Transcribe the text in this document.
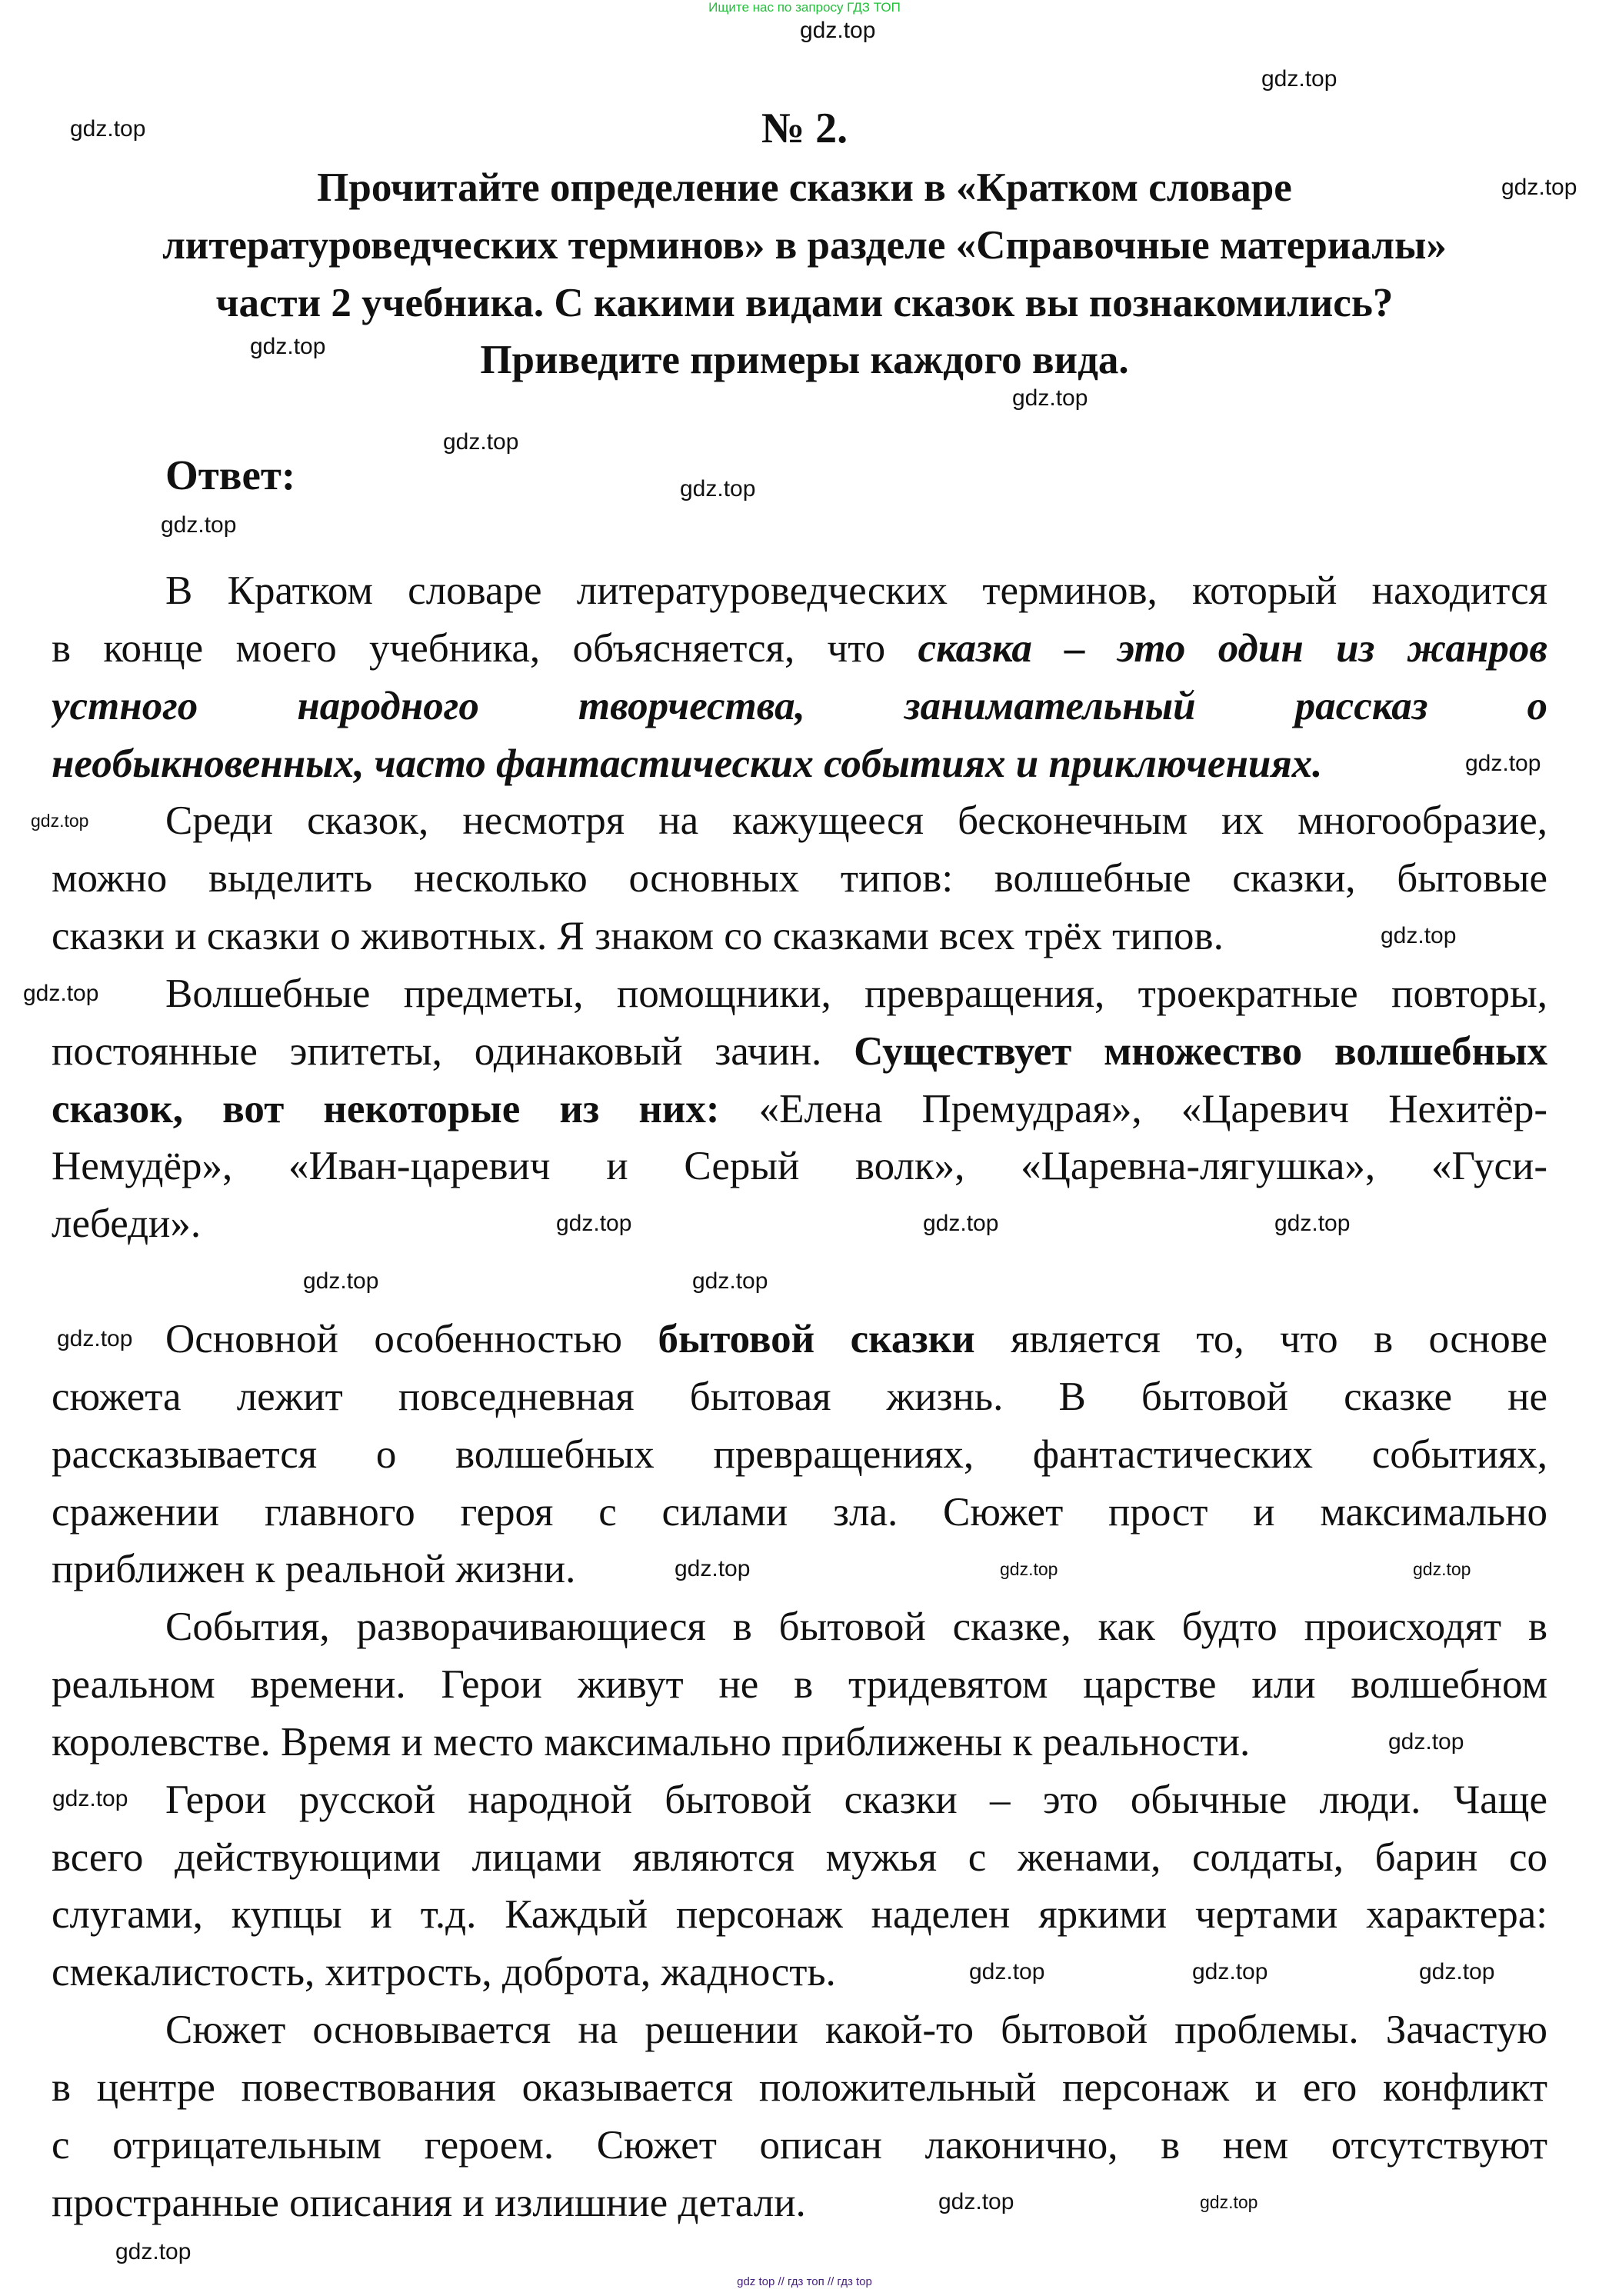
Ищите нас по запросу ГДЗ ТОП
№ 2.
Прочитайте определение сказки в «Кратком словаре
литературоведческих терминов» в разделе «Справочные материалы»
части 2 учебника. С какими видами сказок вы познакомились?
Приведите примеры каждого вида.
Ответ:
В Кратком словаре литературоведческих терминов, который находится
в конце моего учебника, объясняется, что сказка – это один из жанров
устного народного творчества, занимательный рассказ о
необыкновенных, часто фантастических событиях и приключениях.
Среди сказок, несмотря на кажущееся бесконечным их многообразие,
можно выделить несколько основных типов: волшебные сказки, бытовые
сказки и сказки о животных. Я знаком со сказками всех трёх типов.
Волшебные предметы, помощники, превращения, троекратные повторы,
постоянные эпитеты, одинаковый зачин. Существует множество волшебных
сказок, вот некоторые из них: «Елена Премудрая», «Царевич Нехитёр-
Немудёр», «Иван-царевич и Серый волк», «Царевна-лягушка», «Гуси-
лебеди».

Основной особенностью бытовой сказки является то, что в основе
сюжета лежит повседневная бытовая жизнь. В бытовой сказке не
рассказывается о волшебных превращениях, фантастических событиях,
сражении главного героя с силами зла. Сюжет прост и максимально
приближен к реальной жизни.
События, разворачивающиеся в бытовой сказке, как будто происходят в
реальном времени. Герои живут не в тридевятом царстве или волшебном
королевстве. Время и место максимально приближены к реальности.
Герои русской народной бытовой сказки – это обычные люди. Чаще
всего действующими лицами являются мужья с женами, солдаты, барин со
слугами, купцы и т.д. Каждый персонаж наделен яркими чертами характера:
смекалистость, хитрость, доброта, жадность.
Сюжет основывается на решении какой-то бытовой проблемы. Зачастую
в центре повествования оказывается положительный персонаж и его конфликт
с отрицательным героем. Сюжет описан лаконично, в нем отсутствуют
пространные описания и излишние детали.
gdz.top
gdz.top
gdz.top
gdz.top
gdz.top
gdz.top
gdz.top
gdz.top
gdz.top
gdz.top
gdz.top
gdz.top
gdz.top
gdz.top
gdz.top
gdz.top
gdz.top
gdz.top
gdz.top
gdz.top
gdz.top	gdz.top
gdz.top
gdz.top
gdz.top
gdz.top	gdz.top
gdz.top
gdz.top
gdz.top
gdz top // гдз топ // гдз top
